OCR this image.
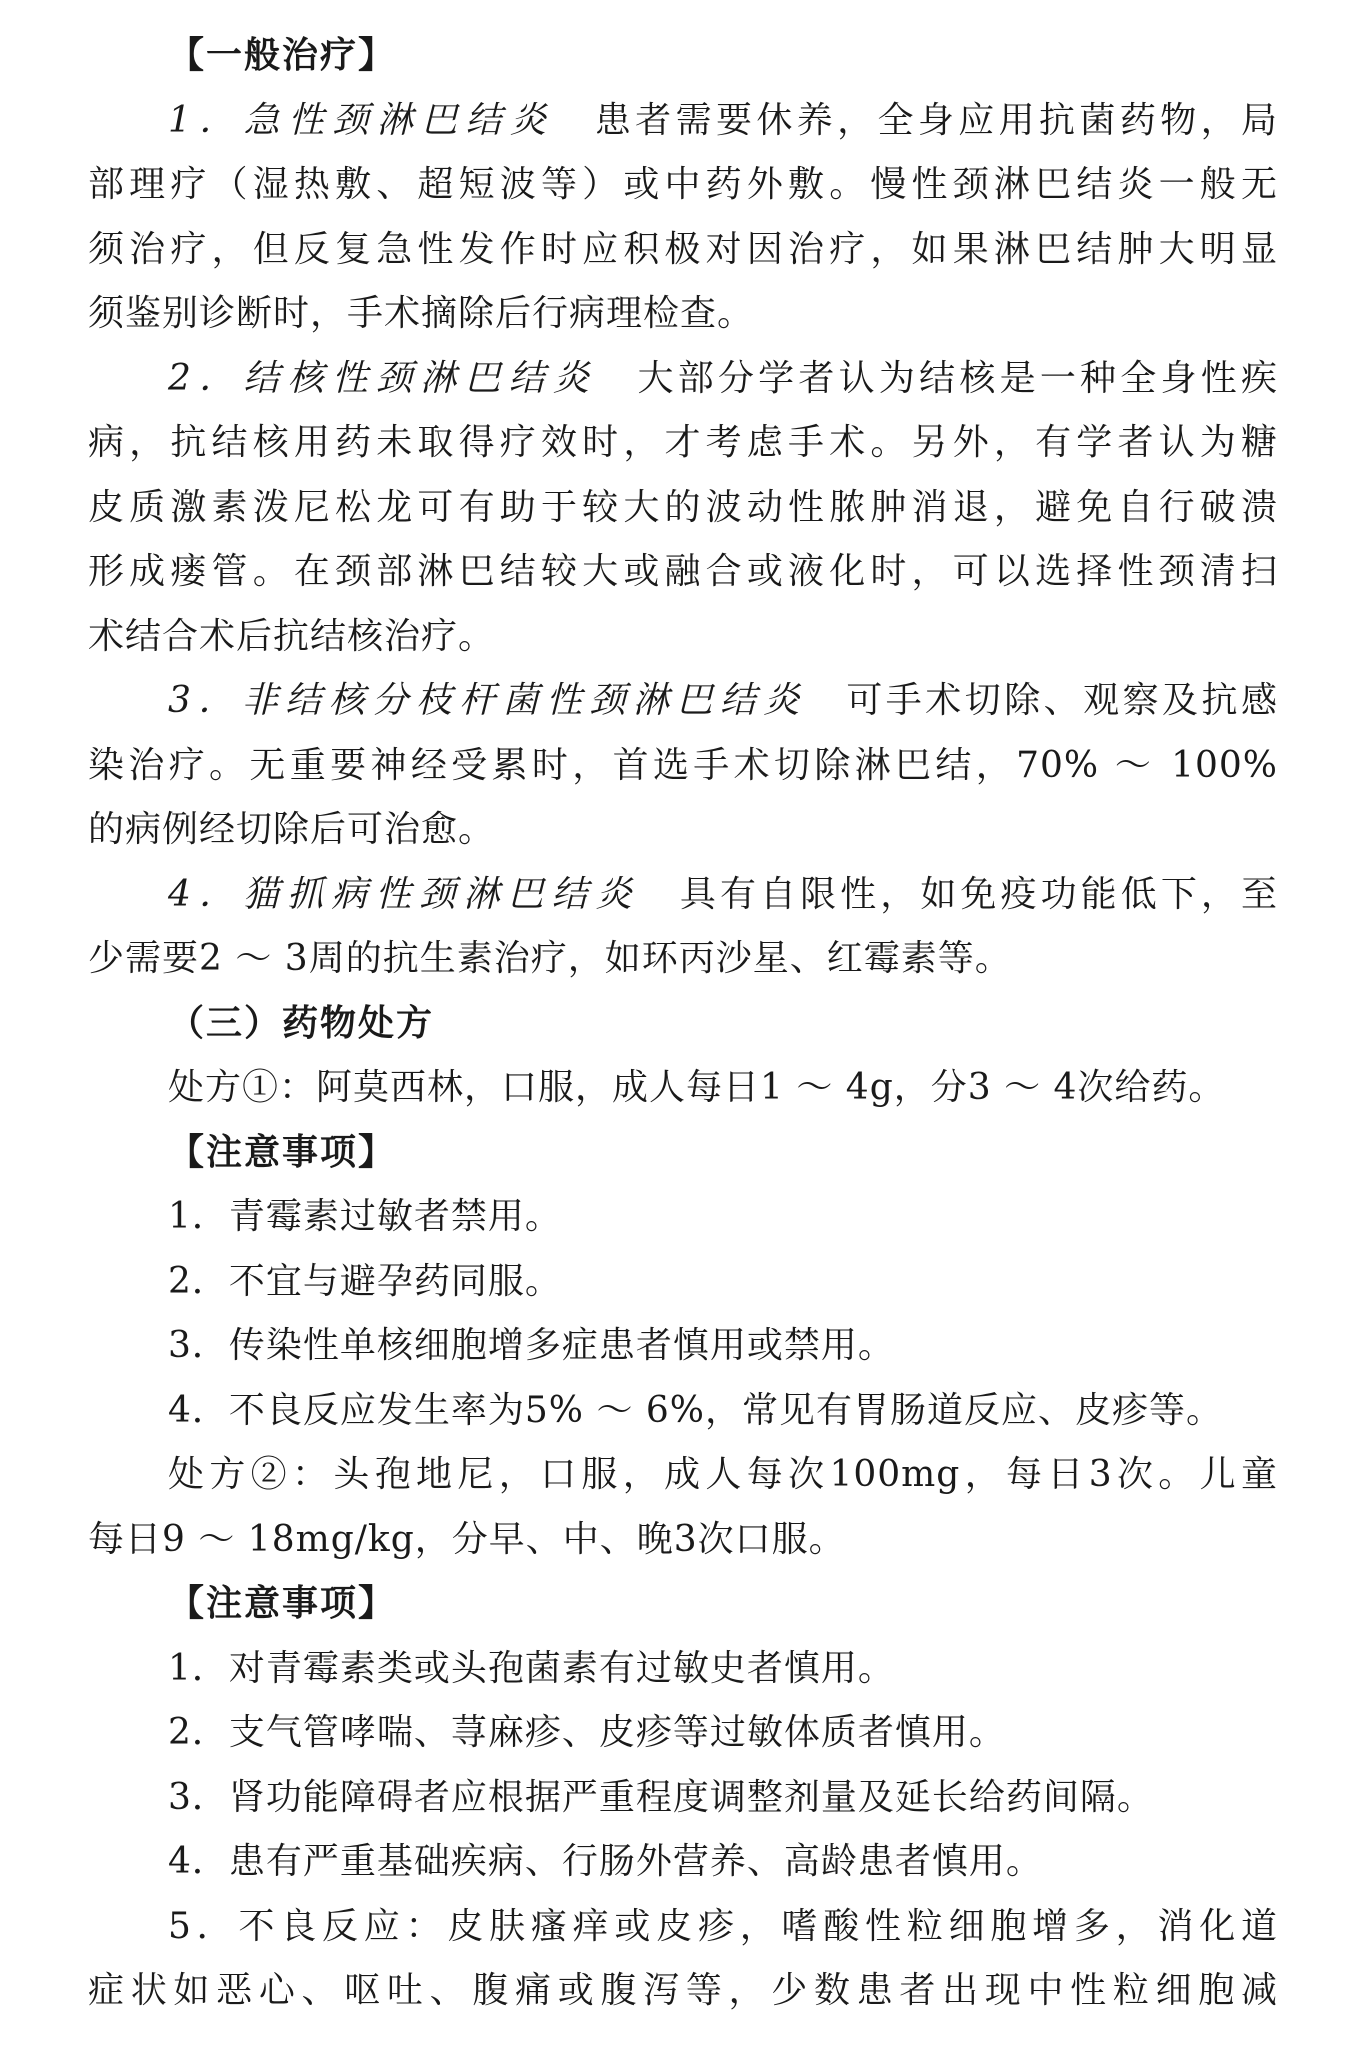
【一般治疗】
1．急性颈淋巴结炎　患者需要休养，全身应用抗菌药物，局
部理疗（湿热敷、超短波等）或中药外敷。慢性颈淋巴结炎一般无
须治疗，但反复急性发作时应积极对因治疗，如果淋巴结肿大明显
须鉴别诊断时，手术摘除后行病理检查。
2．结核性颈淋巴结炎　大部分学者认为结核是一种全身性疾
病，抗结核用药未取得疗效时，才考虑手术。另外，有学者认为糖
皮质激素泼尼松龙可有助于较大的波动性脓肿消退，避免自行破溃
形成瘘管。在颈部淋巴结较大或融合或液化时，可以选择性颈清扫
术结合术后抗结核治疗。
3．非结核分枝杆菌性颈淋巴结炎　可手术切除、观察及抗感
染治疗。无重要神经受累时，首选手术切除淋巴结，70% ～ 100%
的病例经切除后可治愈。
4．猫抓病性颈淋巴结炎　具有自限性，如免疫功能低下，至
少需要2 ～ 3周的抗生素治疗，如环丙沙星、红霉素等。
（三）药物处方
处方①：阿莫西林，口服，成人每日1 ～ 4g，分3 ～ 4次给药。
【注意事项】
1．青霉素过敏者禁用。
2．不宜与避孕药同服。
3．传染性单核细胞增多症患者慎用或禁用。
4．不良反应发生率为5% ～ 6%，常见有胃肠道反应、皮疹等。
处方②：头孢地尼，口服，成人每次100mg，每日3次。儿童
每日9 ～ 18mg/kg，分早、中、晚3次口服。
【注意事项】
1．对青霉素类或头孢菌素有过敏史者慎用。
2．支气管哮喘、荨麻疹、皮疹等过敏体质者慎用。
3．肾功能障碍者应根据严重程度调整剂量及延长给药间隔。
4．患有严重基础疾病、行肠外营养、高龄患者慎用。
5．不良反应：皮肤瘙痒或皮疹，嗜酸性粒细胞增多，消化道
症状如恶心、呕吐、腹痛或腹泻等，少数患者出现中性粒细胞减
